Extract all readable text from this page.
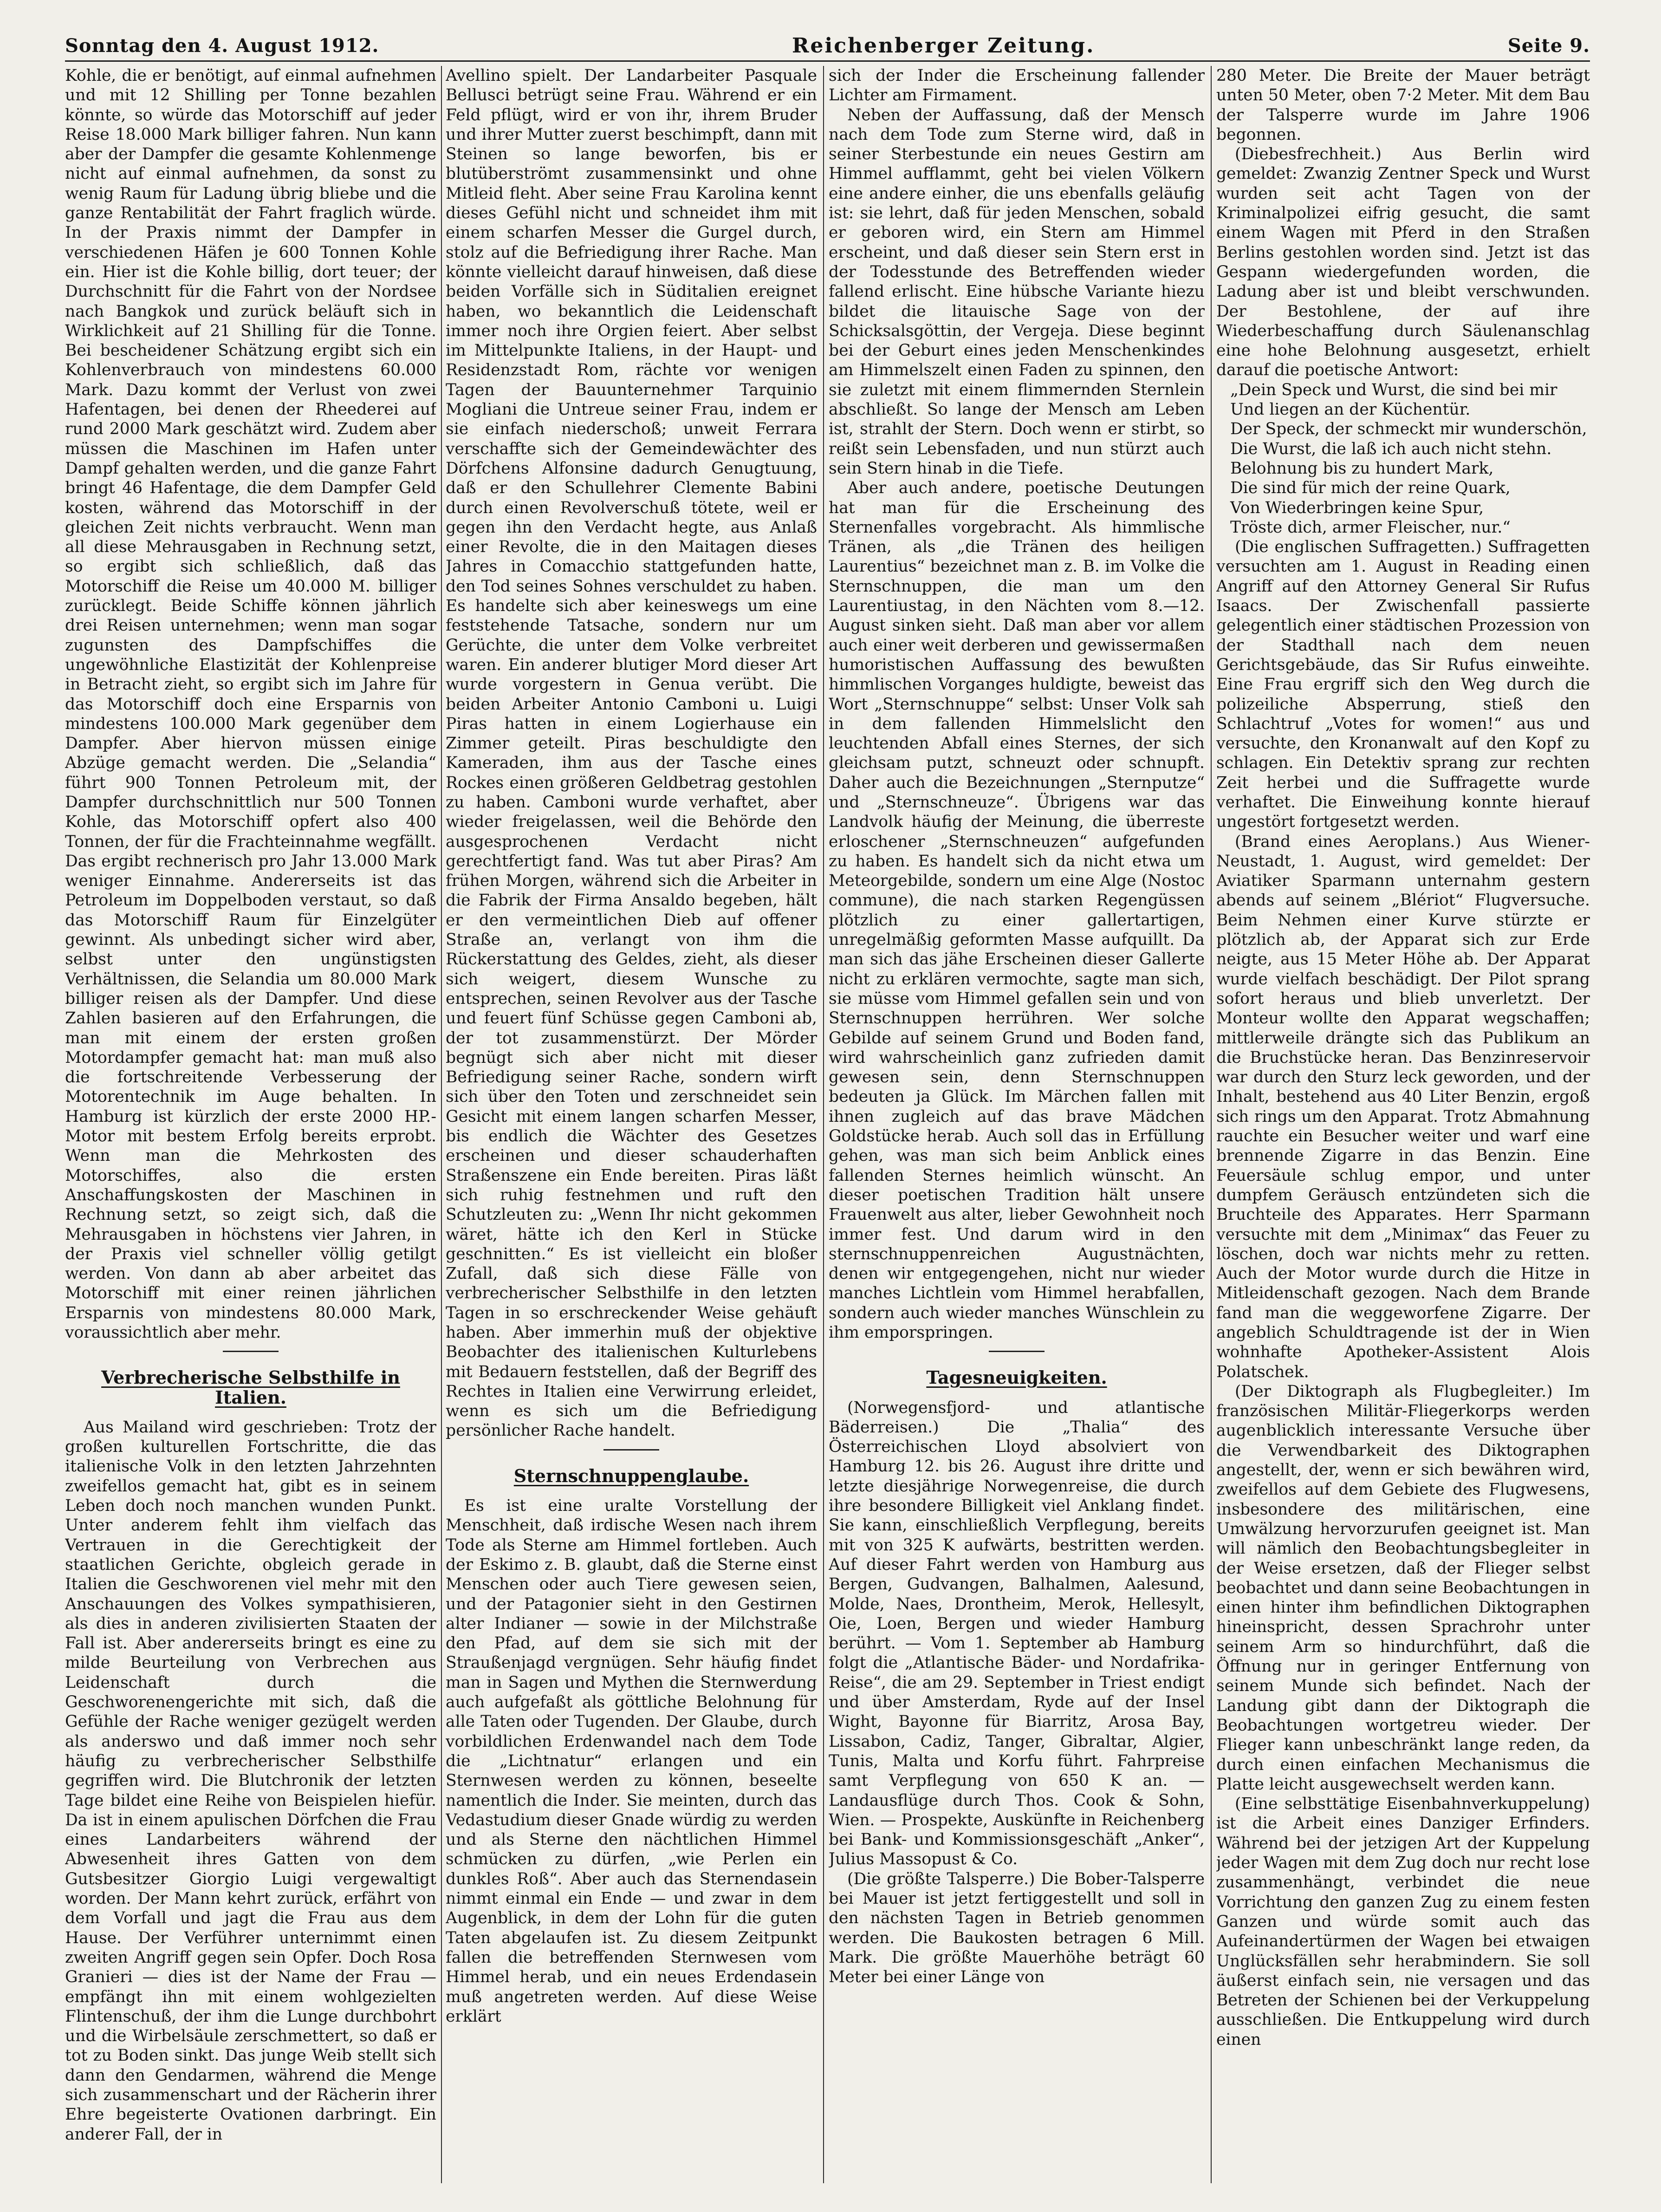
Sonntag den 4. August 1912.	Reichenberger Zeitung.	Seite 9.

Kohle, die er benötigt, auf einmal aufnehmen und mit 12 Shilling per Tonne bezahlen könnte, so würde das Motorschiff auf jeder Reise 18.000 Mark billiger fahren. Nun kann aber der Dampfer die gesamte Kohlenmenge nicht auf einmal aufnehmen, da sonst zu wenig Raum für Ladung übrig bliebe und die ganze Rentabilität der Fahrt fraglich würde. In der Praxis nimmt der Dampfer in verschiedenen Häfen je 600 Tonnen Kohle ein. Hier ist die Kohle billig, dort teuer; der Durchschnitt für die Fahrt von der Nordsee nach Bangkok und zurück beläuft sich in Wirklichkeit auf 21 Shilling für die Tonne. Bei bescheidener Schätzung ergibt sich ein Kohlenverbrauch von mindestens 60.000 Mark. Dazu kommt der Verlust von zwei Hafentagen, bei denen der Rheederei auf rund 2000 Mark geschätzt wird. Zudem aber müssen die Maschinen im Hafen unter Dampf gehalten werden, und die ganze Fahrt bringt 46 Hafentage, die dem Dampfer Geld kosten, während das Motorschiff in der gleichen Zeit nichts verbraucht. Wenn man all diese Mehrausgaben in Rechnung setzt, so ergibt sich schließlich, daß das Motorschiff die Reise um 40.000 M. billiger zurücklegt. Beide Schiffe können jährlich drei Reisen unternehmen; wenn man sogar zugunsten des Dampfschiffes die ungewöhnliche Elastizität der Kohlenpreise in Betracht zieht, so ergibt sich im Jahre für das Motorschiff doch eine Ersparnis von mindestens 100.000 Mark gegenüber dem Dampfer. Aber hiervon müssen einige Abzüge gemacht werden. Die „Selandia“ führt 900 Tonnen Petroleum mit, der Dampfer durchschnittlich nur 500 Tonnen Kohle, das Motorschiff opfert also 400 Tonnen, der für die Frachteinnahme wegfällt. Das ergibt rechnerisch pro Jahr 13.000 Mark weniger Einnahme. Andererseits ist das Petroleum im Doppelboden verstaut, so daß das Motorschiff Raum für Einzelgüter gewinnt. Als unbedingt sicher wird aber, selbst unter den ungünstigsten Verhältnissen, die Selandia um 80.000 Mark billiger reisen als der Dampfer. Und diese Zahlen basieren auf den Erfahrungen, die man mit einem der ersten großen Motordampfer gemacht hat: man muß also die fortschreitende Verbesserung der Motorentechnik im Auge behalten. In Hamburg ist kürzlich der erste 2000 HP.-Motor mit bestem Erfolg bereits erprobt. Wenn man die Mehrkosten des Motorschiffes, also die ersten Anschaffungskosten der Maschinen in Rechnung setzt, so zeigt sich, daß die Mehrausgaben in höchstens vier Jahren, in der Praxis viel schneller völlig getilgt werden. Von dann ab aber arbeitet das Motorschiff mit einer reinen jährlichen Ersparnis von mindestens 80.000 Mark, voraussichtlich aber mehr.

Verbrecherische Selbsthilfe in Italien.

Aus Mailand wird geschrieben: Trotz der großen kulturellen Fortschritte, die das italienische Volk in den letzten Jahrzehnten zweifellos gemacht hat, gibt es in seinem Leben doch noch manchen wunden Punkt. Unter anderem fehlt ihm vielfach das Vertrauen in die Gerechtigkeit der staatlichen Gerichte, obgleich gerade in Italien die Geschworenen viel mehr mit den Anschauungen des Volkes sympathisieren, als dies in anderen zivilisierten Staaten der Fall ist. Aber andererseits bringt es eine zu milde Beurteilung von Verbrechen aus Leidenschaft durch die Geschworenengerichte mit sich, daß die Gefühle der Rache weniger gezügelt werden als anderswo und daß immer noch sehr häufig zu verbrecherischer Selbsthilfe gegriffen wird. Die Blutchronik der letzten Tage bildet eine Reihe von Beispielen hiefür. Da ist in einem apulischen Dörfchen die Frau eines Landarbeiters während der Abwesenheit ihres Gatten von dem Gutsbesitzer Giorgio Luigi vergewaltigt worden. Der Mann kehrt zurück, erfährt von dem Vorfall und jagt die Frau aus dem Hause. Der Verführer unternimmt einen zweiten Angriff gegen sein Opfer. Doch Rosa Granieri — dies ist der Name der Frau — empfängt ihn mit einem wohlgezielten Flintenschuß, der ihm die Lunge durchbohrt und die Wirbelsäule zerschmettert, so daß er tot zu Boden sinkt. Das junge Weib stellt sich dann den Gendarmen, während die Menge sich zusammenschart und der Rächerin ihrer Ehre begeisterte Ovationen darbringt. Ein anderer Fall, der in

Avellino spielt. Der Landarbeiter Pasquale Bellusci betrügt seine Frau. Während er ein Feld pflügt, wird er von ihr, ihrem Bruder und ihrer Mutter zuerst beschimpft, dann mit Steinen so lange beworfen, bis er blutüberströmt zusammensinkt und ohne Mitleid fleht. Aber seine Frau Karolina kennt dieses Gefühl nicht und schneidet ihm mit einem scharfen Messer die Gurgel durch, stolz auf die Befriedigung ihrer Rache. Man könnte vielleicht darauf hinweisen, daß diese beiden Vorfälle sich in Süditalien ereignet haben, wo bekanntlich die Leidenschaft immer noch ihre Orgien feiert. Aber selbst im Mittelpunkte Italiens, in der Haupt- und Residenzstadt Rom, rächte vor wenigen Tagen der Bauunternehmer Tarquinio Mogliani die Untreue seiner Frau, indem er sie einfach niederschoß; unweit Ferrara verschaffte sich der Gemeindewächter des Dörfchens Alfonsine dadurch Genugtuung, daß er den Schullehrer Clemente Babini durch einen Revolverschuß tötete, weil er gegen ihn den Verdacht hegte, aus Anlaß einer Revolte, die in den Maitagen dieses Jahres in Comacchio stattgefunden hatte, den Tod seines Sohnes verschuldet zu haben. Es handelte sich aber keineswegs um eine feststehende Tatsache, sondern nur um Gerüchte, die unter dem Volke verbreitet waren. Ein anderer blutiger Mord dieser Art wurde vorgestern in Genua verübt. Die beiden Arbeiter Antonio Camboni u. Luigi Piras hatten in einem Logierhause ein Zimmer geteilt. Piras beschuldigte den Kameraden, ihm aus der Tasche eines Rockes einen größeren Geldbetrag gestohlen zu haben. Camboni wurde verhaftet, aber wieder freigelassen, weil die Behörde den ausgesprochenen Verdacht nicht gerechtfertigt fand. Was tut aber Piras? Am frühen Morgen, während sich die Arbeiter in die Fabrik der Firma Ansaldo begeben, hält er den vermeintlichen Dieb auf offener Straße an, verlangt von ihm die Rückerstattung des Geldes, zieht, als dieser sich weigert, diesem Wunsche zu entsprechen, seinen Revolver aus der Tasche und feuert fünf Schüsse gegen Camboni ab, der tot zusammenstürzt. Der Mörder begnügt sich aber nicht mit dieser Befriedigung seiner Rache, sondern wirft sich über den Toten und zerschneidet sein Gesicht mit einem langen scharfen Messer, bis endlich die Wächter des Gesetzes erscheinen und dieser schauderhaften Straßenszene ein Ende bereiten. Piras läßt sich ruhig festnehmen und ruft den Schutzleuten zu: „Wenn Ihr nicht gekommen wäret, hätte ich den Kerl in Stücke geschnitten.“ Es ist vielleicht ein bloßer Zufall, daß sich diese Fälle von verbrecherischer Selbsthilfe in den letzten Tagen in so erschreckender Weise gehäuft haben. Aber immerhin muß der objektive Beobachter des italienischen Kulturlebens mit Bedauern feststellen, daß der Begriff des Rechtes in Italien eine Verwirrung erleidet, wenn es sich um die Befriedigung persönlicher Rache handelt.

Sternschnuppenglaube.

Es ist eine uralte Vorstellung der Menschheit, daß irdische Wesen nach ihrem Tode als Sterne am Himmel fortleben. Auch der Eskimo z. B. glaubt, daß die Sterne einst Menschen oder auch Tiere gewesen seien, und der Patagonier sieht in den Gestirnen alter Indianer — sowie in der Milchstraße den Pfad, auf dem sie sich mit der Straußenjagd vergnügen. Sehr häufig findet man in Sagen und Mythen die Sternwerdung auch aufgefaßt als göttliche Belohnung für alle Taten oder Tugenden. Der Glaube, durch vorbildlichen Erdenwandel nach dem Tode die „Lichtnatur“ erlangen und ein Sternwesen werden zu können, beseelte namentlich die Inder. Sie meinten, durch das Vedastudium dieser Gnade würdig zu werden und als Sterne den nächtlichen Himmel schmücken zu dürfen, „wie Perlen ein dunkles Roß“. Aber auch das Sternendasein nimmt einmal ein Ende — und zwar in dem Augenblick, in dem der Lohn für die guten Taten abgelaufen ist. Zu diesem Zeitpunkt fallen die betreffenden Sternwesen vom Himmel herab, und ein neues Erdendasein muß angetreten werden. Auf diese Weise erklärt

sich der Inder die Erscheinung fallender Lichter am Firmament.

Neben der Auffassung, daß der Mensch nach dem Tode zum Sterne wird, daß in seiner Sterbestunde ein neues Gestirn am Himmel aufflammt, geht bei vielen Völkern eine andere einher, die uns ebenfalls geläufig ist: sie lehrt, daß für jeden Menschen, sobald er geboren wird, ein Stern am Himmel erscheint, und daß dieser sein Stern erst in der Todesstunde des Betreffenden wieder fallend erlischt. Eine hübsche Variante hiezu bildet die litauische Sage von der Schicksalsgöttin, der Vergeja. Diese beginnt bei der Geburt eines jeden Menschenkindes am Himmelszelt einen Faden zu spinnen, den sie zuletzt mit einem flimmernden Sternlein abschließt. So lange der Mensch am Leben ist, strahlt der Stern. Doch wenn er stirbt, so reißt sein Lebensfaden, und nun stürzt auch sein Stern hinab in die Tiefe.

Aber auch andere, poetische Deutungen hat man für die Erscheinung des Sternenfalles vorgebracht. Als himmlische Tränen, als „die Tränen des heiligen Laurentius“ bezeichnet man z. B. im Volke die Sternschnuppen, die man um den Laurentiustag, in den Nächten vom 8.—12. August sinken sieht. Daß man aber vor allem auch einer weit derberen und gewissermaßen humoristischen Auffassung des bewußten himmlischen Vorganges huldigte, beweist das Wort „Sternschnuppe“ selbst: Unser Volk sah in dem fallenden Himmelslicht den leuchtenden Abfall eines Sternes, der sich gleichsam putzt, schneuzt oder schnupft. Daher auch die Bezeichnungen „Sternputze“ und „Sternschneuze“. Übrigens war das Landvolk häufig der Meinung, die überreste erloschener „Sternschneuzen“ aufgefunden zu haben. Es handelt sich da nicht etwa um Meteorgebilde, sondern um eine Alge (Nostoc commune), die nach starken Regengüssen plötzlich zu einer gallertartigen, unregelmäßig geformten Masse aufquillt. Da man sich das jähe Erscheinen dieser Gallerte nicht zu erklären vermochte, sagte man sich, sie müsse vom Himmel gefallen sein und von Sternschnuppen herrühren. Wer solche Gebilde auf seinem Grund und Boden fand, wird wahrscheinlich ganz zufrieden damit gewesen sein, denn Sternschnuppen bedeuten ja Glück. Im Märchen fallen mit ihnen zugleich auf das brave Mädchen Goldstücke herab. Auch soll das in Erfüllung gehen, was man sich beim Anblick eines fallenden Sternes heimlich wünscht. An dieser poetischen Tradition hält unsere Frauenwelt aus alter, lieber Gewohnheit noch immer fest. Und darum wird in den sternschnuppenreichen Augustnächten, denen wir entgegengehen, nicht nur wieder manches Lichtlein vom Himmel herabfallen, sondern auch wieder manches Wünschlein zu ihm emporspringen.

Tagesneuigkeiten.

(Norwegensfjord- und atlantische Bäderreisen.) Die „Thalia“ des Österreichischen Lloyd absolviert von Hamburg 12. bis 26. August ihre dritte und letzte diesjährige Norwegenreise, die durch ihre besondere Billigkeit viel Anklang findet. Sie kann, einschließlich Verpflegung, bereits mit von 325 K aufwärts, bestritten werden. Auf dieser Fahrt werden von Hamburg aus Bergen, Gudvangen, Balhalmen, Aalesund, Molde, Naes, Drontheim, Merok, Hellesylt, Oie, Loen, Bergen und wieder Hamburg berührt. — Vom 1. September ab Hamburg folgt die „Atlantische Bäder- und Nordafrika-Reise“, die am 29. September in Triest endigt und über Amsterdam, Ryde auf der Insel Wight, Bayonne für Biarritz, Arosa Bay, Lissabon, Cadiz, Tanger, Gibraltar, Algier, Tunis, Malta und Korfu führt. Fahrpreise samt Verpflegung von 650 K an. — Landausflüge durch Thos. Cook & Sohn, Wien. — Prospekte, Auskünfte in Reichenberg bei Bank- und Kommissionsgeschäft „Anker“, Julius Massopust & Co.

(Die größte Talsperre.) Die Bober-Talsperre bei Mauer ist jetzt fertiggestellt und soll in den nächsten Tagen in Betrieb genommen werden. Die Baukosten betragen 6 Mill. Mark. Die größte Mauerhöhe beträgt 60 Meter bei einer Länge von

280 Meter. Die Breite der Mauer beträgt unten 50 Meter, oben 7·2 Meter. Mit dem Bau der Talsperre wurde im Jahre 1906 begonnen.

(Diebesfrechheit.) Aus Berlin wird gemeldet: Zwanzig Zentner Speck und Wurst wurden seit acht Tagen von der Kriminalpolizei eifrig gesucht, die samt einem Wagen mit Pferd in den Straßen Berlins gestohlen worden sind. Jetzt ist das Gespann wiedergefunden worden, die Ladung aber ist und bleibt verschwunden. Der Bestohlene, der auf ihre Wiederbeschaffung durch Säulenanschlag eine hohe Belohnung ausgesetzt, erhielt darauf die poetische Antwort:

„Dein Speck und Wurst, die sind bei mir

Und liegen an der Küchentür.

Der Speck, der schmeckt mir wunderschön,

Die Wurst, die laß ich auch nicht stehn.

Belohnung bis zu hundert Mark,

Die sind für mich der reine Quark,

Von Wiederbringen keine Spur,

Tröste dich, armer Fleischer, nur.“

(Die englischen Suffragetten.) Suffragetten versuchten am 1. August in Reading einen Angriff auf den Attorney General Sir Rufus Isaacs. Der Zwischenfall passierte gelegentlich einer städtischen Prozession von der Stadthall nach dem neuen Gerichtsgebäude, das Sir Rufus einweihte. Eine Frau ergriff sich den Weg durch die polizeiliche Absperrung, stieß den Schlachtruf „Votes for women!“ aus und versuchte, den Kronanwalt auf den Kopf zu schlagen. Ein Detektiv sprang zur rechten Zeit herbei und die Suffragette wurde verhaftet. Die Einweihung konnte hierauf ungestört fortgesetzt werden.

(Brand eines Aeroplans.) Aus Wiener-Neustadt, 1. August, wird gemeldet: Der Aviatiker Sparmann unternahm gestern abends auf seinem „Blériot“ Flugversuche. Beim Nehmen einer Kurve stürzte er plötzlich ab, der Apparat sich zur Erde neigte, aus 15 Meter Höhe ab. Der Apparat wurde vielfach beschädigt. Der Pilot sprang sofort heraus und blieb unverletzt. Der Monteur wollte den Apparat wegschaffen; mittlerweile drängte sich das Publikum an die Bruchstücke heran. Das Benzinreservoir war durch den Sturz leck geworden, und der Inhalt, bestehend aus 40 Liter Benzin, ergoß sich rings um den Apparat. Trotz Abmahnung rauchte ein Besucher weiter und warf eine brennende Zigarre in das Benzin. Eine Feuersäule schlug empor, und unter dumpfem Geräusch entzündeten sich die Bruchteile des Apparates. Herr Sparmann versuchte mit dem „Minimax“ das Feuer zu löschen, doch war nichts mehr zu retten. Auch der Motor wurde durch die Hitze in Mitleidenschaft gezogen. Nach dem Brande fand man die weggeworfene Zigarre. Der angeblich Schuldtragende ist der in Wien wohnhafte Apotheker-Assistent Alois Polatschek.

(Der Diktograph als Flugbegleiter.) Im französischen Militär-Fliegerkorps werden augenblicklich interessante Versuche über die Verwendbarkeit des Diktographen angestellt, der, wenn er sich bewähren wird, zweifellos auf dem Gebiete des Flugwesens, insbesondere des militärischen, eine Umwälzung hervorzurufen geeignet ist. Man will nämlich den Beobachtungsbegleiter in der Weise ersetzen, daß der Flieger selbst beobachtet und dann seine Beobachtungen in einen hinter ihm befindlichen Diktographen hineinspricht, dessen Sprachrohr unter seinem Arm so hindurchführt, daß die Öffnung nur in geringer Entfernung von seinem Munde sich befindet. Nach der Landung gibt dann der Diktograph die Beobachtungen wortgetreu wieder. Der Flieger kann unbeschränkt lange reden, da durch einen einfachen Mechanismus die Platte leicht ausgewechselt werden kann.

(Eine selbsttätige Eisenbahnverkuppelung) ist die Arbeit eines Danziger Erfinders. Während bei der jetzigen Art der Kuppelung jeder Wagen mit dem Zug doch nur recht lose zusammenhängt, verbindet die neue Vorrichtung den ganzen Zug zu einem festen Ganzen und würde somit auch das Aufeinandertürmen der Wagen bei etwaigen Unglücksfällen sehr herabmindern. Sie soll äußerst einfach sein, nie versagen und das Betreten der Schienen bei der Verkuppelung ausschließen. Die Entkuppelung wird durch einen
